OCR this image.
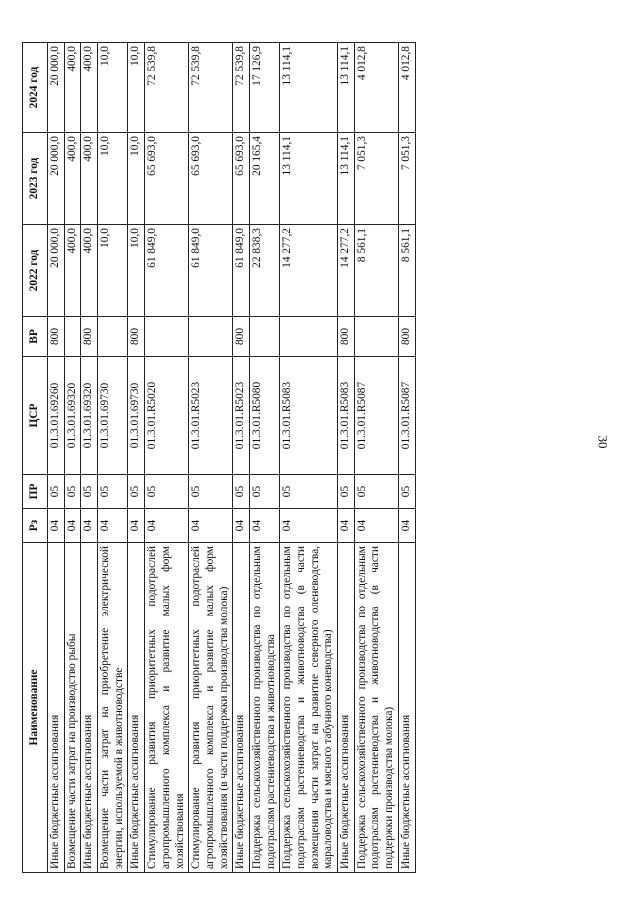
30
Наименование	Рз	ПР	ЦСР	ВР	2022 год	2023 год	2024 год
Иные бюджетные ассигнования	04	05	01.3.01.69260	800	20 000,0	20 000,0	20 000,0
Возмещение части затрат на производство рыбы	04	05	01.3.01.69320		400,0	400,0	400,0
Иные бюджетные ассигнования	04	05	01.3.01.69320	800	400,0	400,0	400,0
Возмещение части затрат на приобретение электрической энергии, используемой в животноводстве	04	05	01.3.01.69730		10,0	10,0	10,0
Иные бюджетные ассигнования	04	05	01.3.01.69730	800	10,0	10,0	10,0
Стимулирование развития приоритетных подотраслей агропромышленного комплекса и развитие малых форм хозяйствования	04	05	01.3.01.R5020		61 849,0	65 693,0	72 539,8
Стимулирование развития приоритетных подотраслей агропромышленного комплекса и развитие малых форм хозяйствования (в части поддержки производства молока)	04	05	01.3.01.R5023		61 849,0	65 693,0	72 539,8
Иные бюджетные ассигнования	04	05	01.3.01.R5023	800	61 849,0	65 693,0	72 539,8
Поддержка сельскохозяйственного производства по отдельным подотраслям растениеводства и животноводства	04	05	01.3.01.R5080		22 838,3	20 165,4	17 126,9
Поддержка сельскохозяйственного производства по отдельным подотраслям растениеводства и животноводства (в части возмещения части затрат на развитие северного оленеводства, мараловодства и мясного табунного коневодства)	04	05	01.3.01.R5083		14 277,2	13 114,1	13 114,1
Иные бюджетные ассигнования	04	05	01.3.01.R5083	800	14 277,2	13 114,1	13 114,1
Поддержка сельскохозяйственного производства по отдельным подотраслям растениеводства и животноводства (в части поддержки производства молока)	04	05	01.3.01.R5087		8 561,1	7 051,3	4 012,8
Иные бюджетные ассигнования	04	05	01.3.01.R5087	800	8 561,1	7 051,3	4 012,8
